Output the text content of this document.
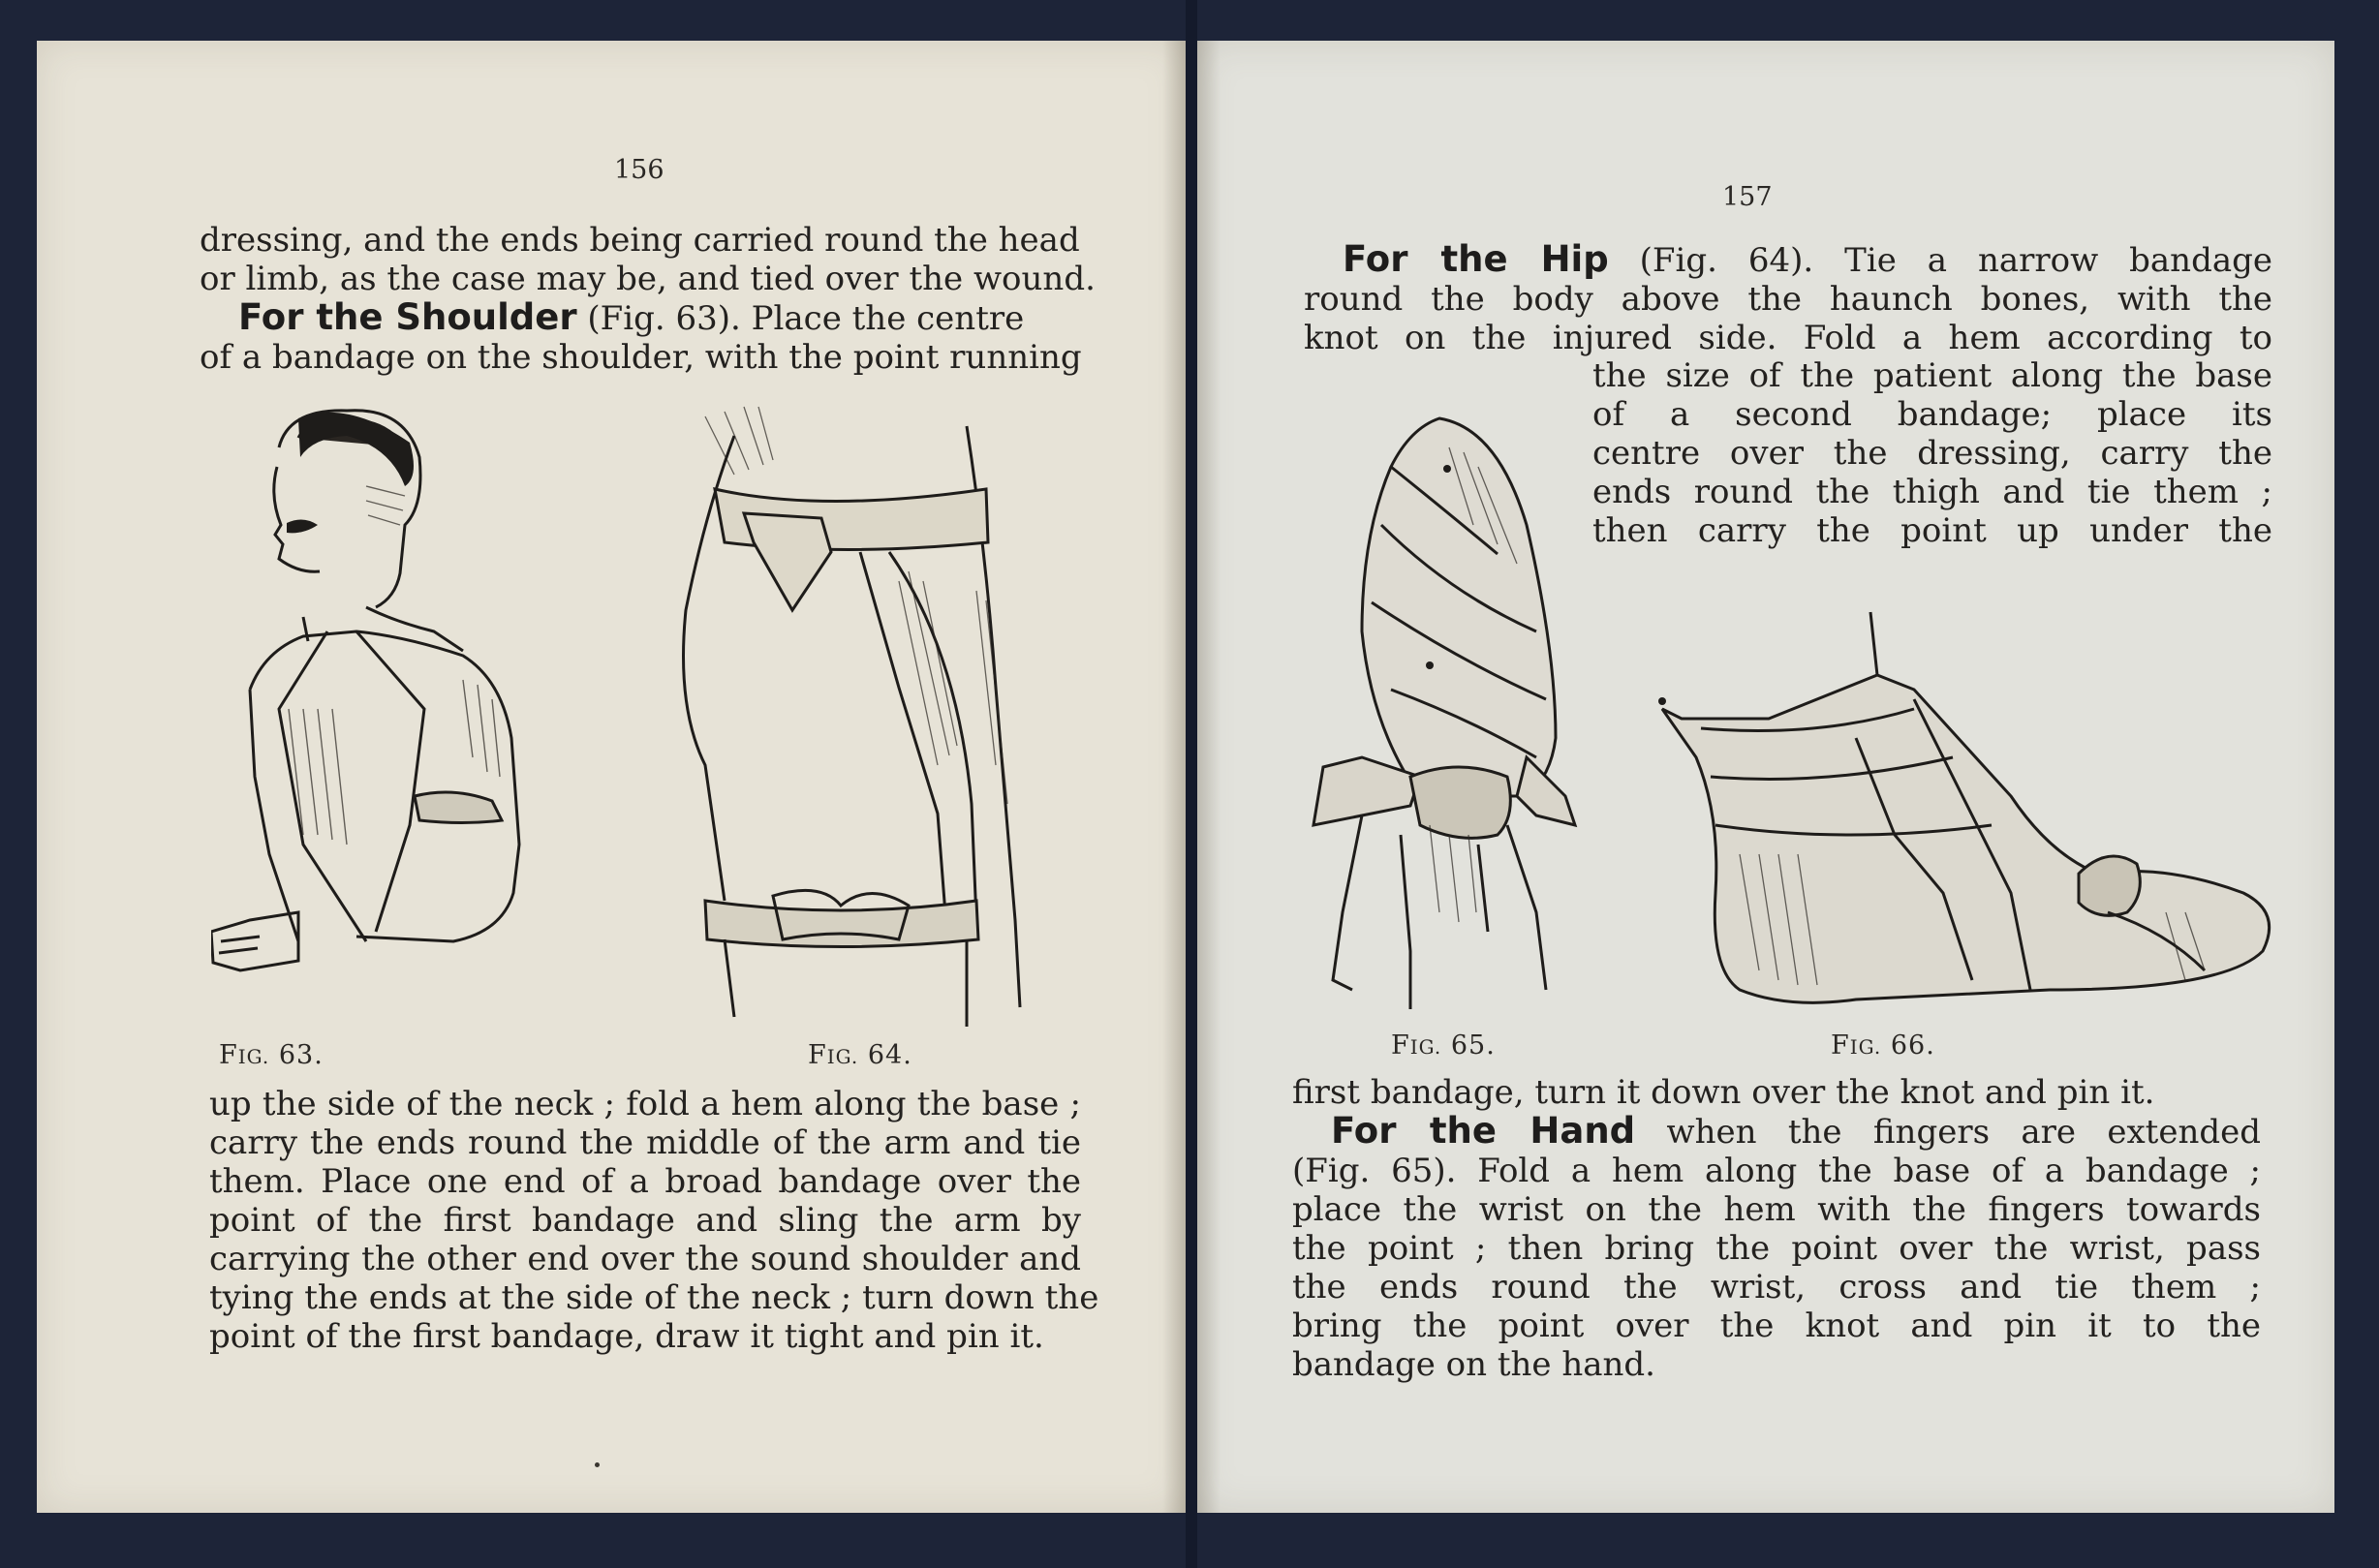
156
dressing, and the ends being carried round the head
or limb, as the case may be, and tied over the wound.
For the Shoulder (Fig. 63). Place the centre
of a bandage on the shoulder, with the point running
FIG. 63.	FIG. 64.
up the side of the neck ; fold a hem along the base ;
carry the ends round the middle of the arm and tie
them. Place one end of a broad bandage over the
point of the first bandage and sling the arm by
carrying the other end over the sound shoulder and
tying the ends at the side of the neck ; turn down the
point of the first bandage, draw it tight and pin it.
157
For the Hip (Fig. 64). Tie a narrow bandage
round the body above the haunch bones, with the
knot on the injured side. Fold a hem according to
the size of the patient along the base
of a second bandage; place its
centre over the dressing, carry the
ends round the thigh and tie them ;
then carry the point up under the
FIG. 65.	FIG. 66.
first bandage, turn it down over the knot and pin it.
For the Hand when the fingers are extended
(Fig. 65). Fold a hem along the base of a bandage ;
place the wrist on the hem with the fingers towards
the point ; then bring the point over the wrist, pass
the ends round the wrist, cross and tie them ;
bring the point over the knot and pin it to the
bandage on the hand.
